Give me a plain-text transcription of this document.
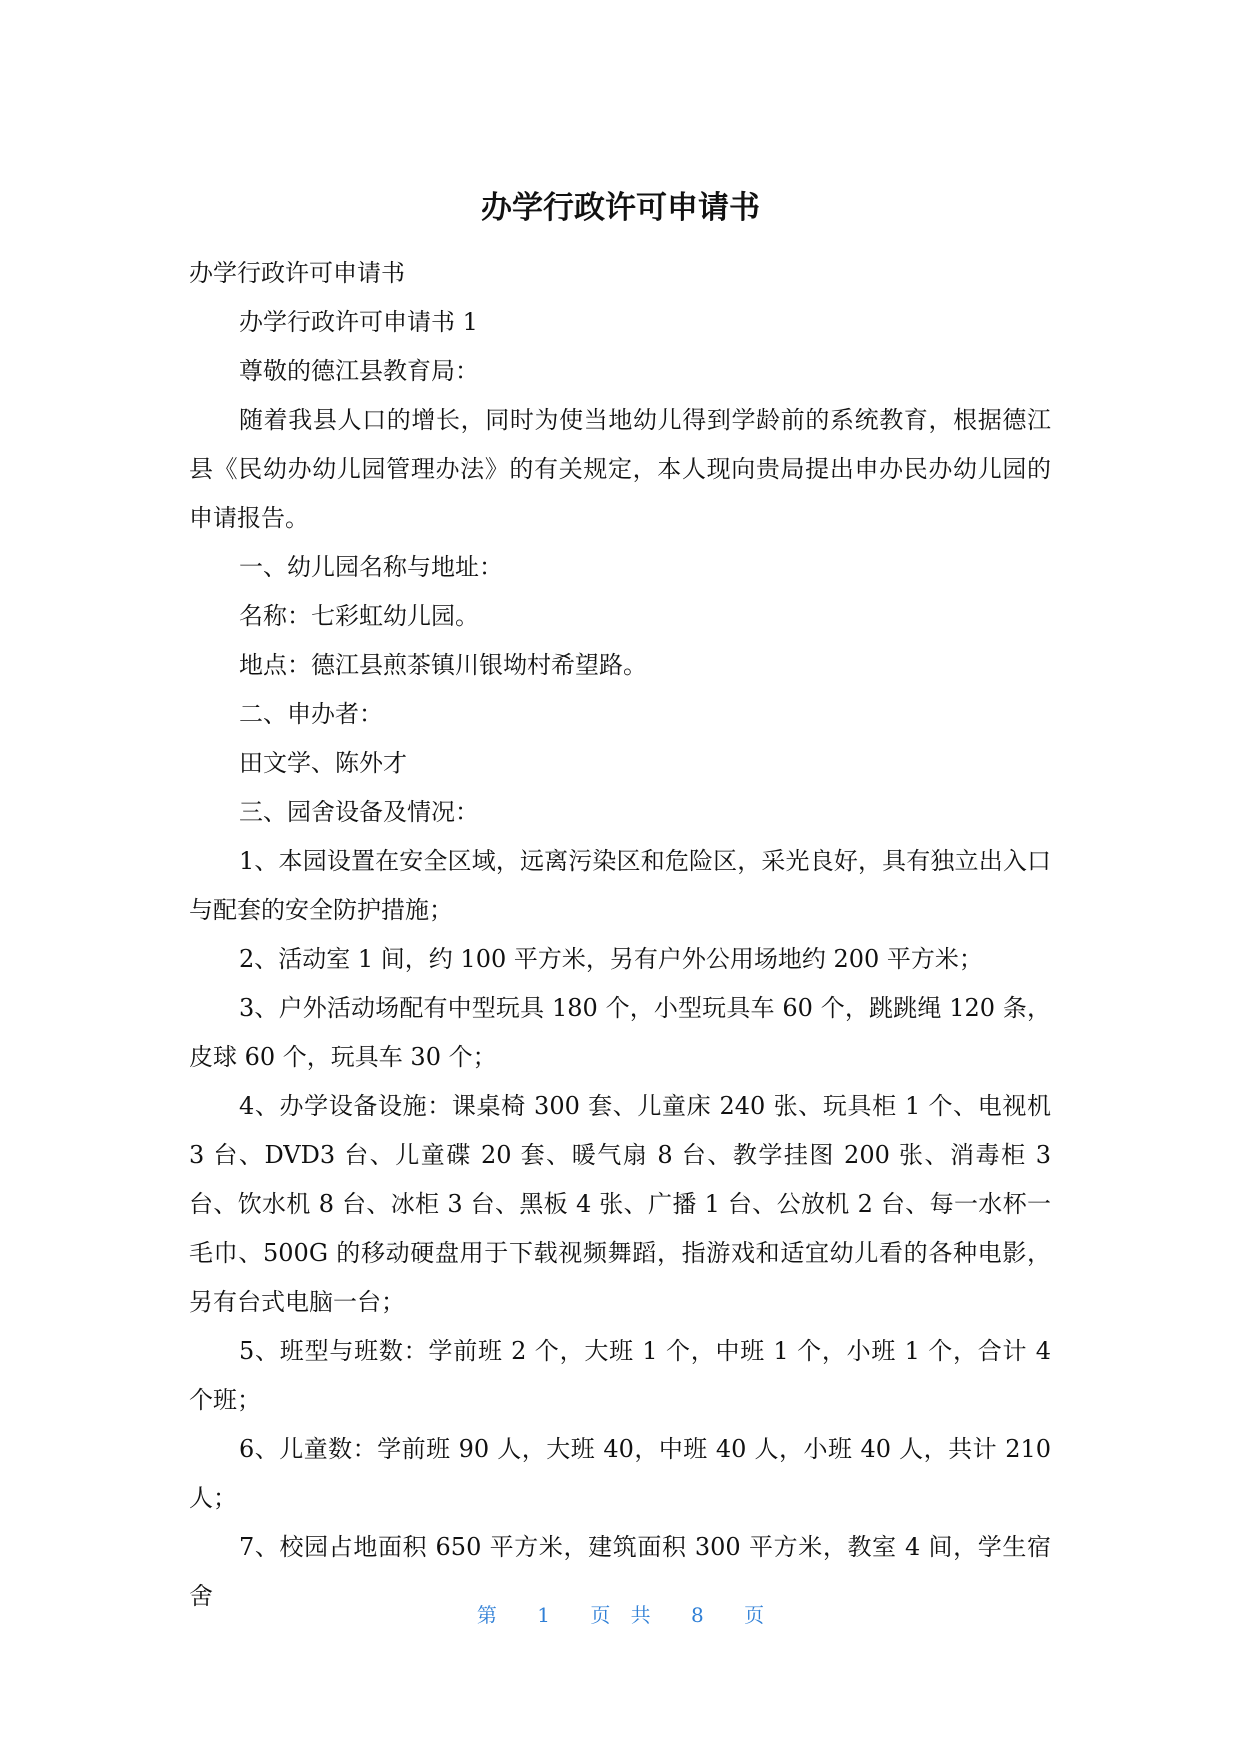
办学行政许可申请书

办学行政许可申请书

办学行政许可申请书 1

尊敬的德江县教育局：

随着我县人口的增长，同时为使当地幼儿得到学龄前的系统教育，根据德江县《民幼办幼儿园管理办法》的有关规定，本人现向贵局提出申办民办幼儿园的申请报告。

一、幼儿园名称与地址：

名称：七彩虹幼儿园。

地点：德江县煎茶镇川银坳村希望路。

二、申办者：

田文学、陈外才

三、园舍设备及情况：

1、本园设置在安全区域，远离污染区和危险区，采光良好，具有独立出入口与配套的安全防护措施；

2、活动室 1 间，约 100 平方米，另有户外公用场地约 200 平方米；

3、户外活动场配有中型玩具 180 个，小型玩具车 60 个，跳跳绳 120 条，皮球 60 个，玩具车 30 个；

4、办学设备设施：课桌椅 300 套、儿童床 240 张、玩具柜 1 个、电视机 3 台、DVD3 台、儿童碟 20 套、暖气扇 8 台、教学挂图 200 张、消毒柜 3 台、饮水机 8 台、冰柜 3 台、黑板 4 张、广播 1 台、公放机 2 台、每一水杯一毛巾、500G 的移动硬盘用于下载视频舞蹈，指游戏和适宜幼儿看的各种电影，另有台式电脑一台；

5、班型与班数：学前班 2 个，大班 1 个，中班 1 个，小班 1 个，合计 4 个班；

6、儿童数：学前班 90 人，大班 40，中班 40 人，小班 40 人，共计 210 人；

7、校园占地面积 650 平方米，建筑面积 300 平方米，教室 4 间，学生宿舍

第 1 页 共 8 页
